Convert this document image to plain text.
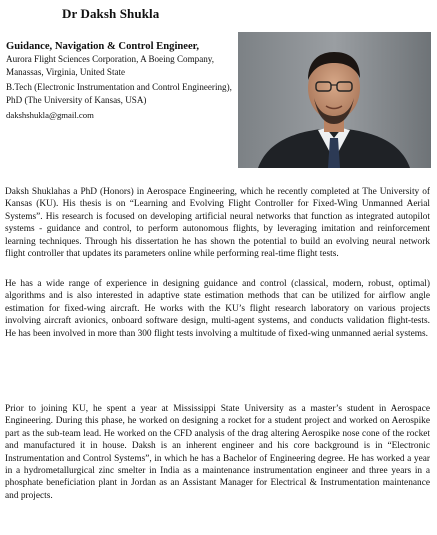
Dr Daksh Shukla

Guidance, Navigation & Control Engineer,

Aurora Flight Sciences Corporation, A Boeing Company, Manassas, Virginia, United State

B.Tech (Electronic Instrumentation and Control Engineering), PhD (The University of Kansas, USA)

dakshshukla@gmail.com

Daksh Shuklahas a PhD (Honors) in Aerospace Engineering, which he recently completed at The University of Kansas (KU). His thesis is on “Learning and Evolving Flight Controller for Fixed-Wing Unmanned Aerial Systems”. His research is focused on developing artificial neural networks that function as integrated autopilot systems - guidance and control, to perform autonomous flights, by leveraging imitation and reinforcement learning techniques. Through his dissertation he has shown the potential to build an evolving neural network flight controller that updates its parameters online while performing real-time flight tests.

He has a wide range of experience in designing guidance and control (classical, modern, robust, optimal) algorithms and is also interested in adaptive state estimation methods that can be utilized for airflow angle estimation for fixed-wing aircraft. He works with the KU’s flight research laboratory on various projects involving aircraft avionics, onboard software design, multi-agent systems, and conducts validation flight-tests. He has been involved in more than 300 flight tests involving a multitude of fixed-wing unmanned aerial systems.

Prior to joining KU, he spent a year at Mississippi State University as a master’s student in Aerospace Engineering. During this phase, he worked on designing a rocket for a student project and worked on Aerospike part as the sub-team lead. He worked on the CFD analysis of the drag altering Aerospike nose cone of the rocket and manufactured it in house. Daksh is an inherent engineer and his core background is in “Electronic Instrumentation and Control Systems”, in which he has a Bachelor of Engineering degree. He has worked a year in a hydrometallurgical zinc smelter in India as a maintenance instrumentation engineer and three years in a phosphate beneficiation plant in Jordan as an Assistant Manager for Electrical & Instrumentation maintenance and projects.
